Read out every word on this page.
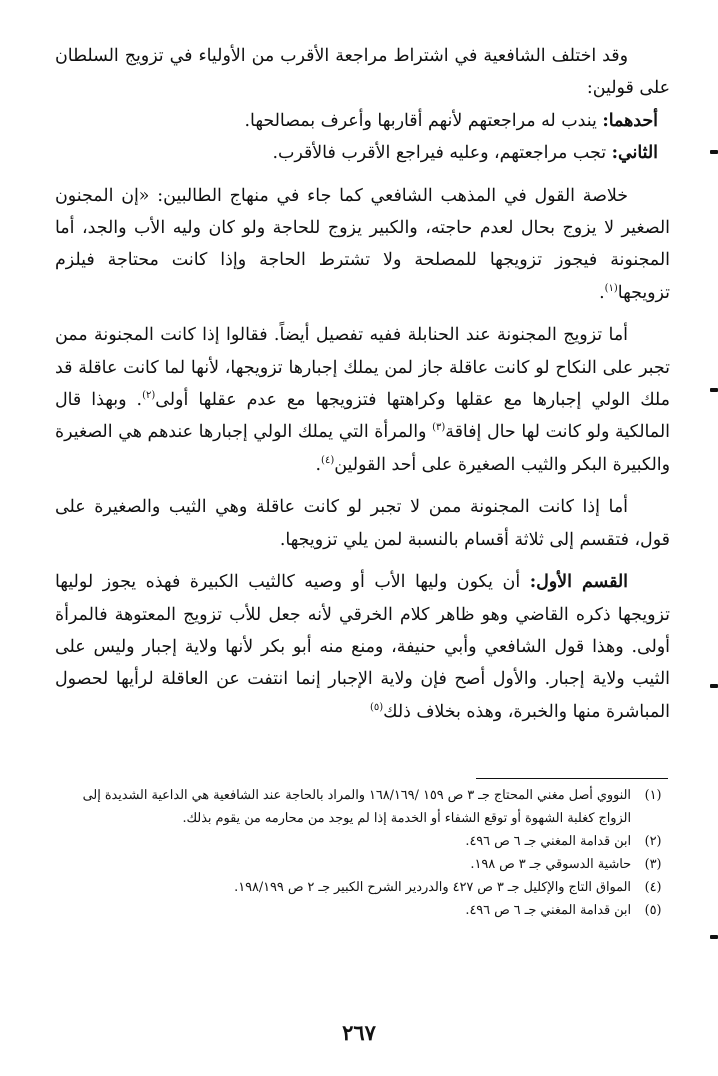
وقد اختلف الشافعية في اشتراط مراجعة الأقرب من الأولياء في تزويج السلطان على قولين:

أحدهما: يندب له مراجعتهم لأنهم أقاربها وأعرف بمصالحها.

الثاني: تجب مراجعتهم، وعليه فيراجع الأقرب فالأقرب.

خلاصة القول في المذهب الشافعي كما جاء في منهاج الطالبين: «إن المجنون الصغير لا يزوج بحال لعدم حاجته، والكبير يزوج للحاجة ولو كان وليه الأب والجد، أما المجنونة فيجوز تزويجها للمصلحة ولا تشترط الحاجة وإذا كانت محتاجة فيلزم تزويجها$^{(١)}$.

أما تزويج المجنونة عند الحنابلة ففيه تفصيل أيضاً. فقالوا إذا كانت المجنونة ممن تجبر على النكاح لو كانت عاقلة جاز لمن يملك إجبارها تزويجها، لأنها لما كانت عاقلة قد ملك الولي إجبارها مع عقلها وكراهتها فتزويجها مع عدم عقلها أولى$^{(٢)}$. وبهذا قال المالكية ولو كانت لها حال إفاقة$^{(٣)}$ والمرأة التي يملك الولي إجبارها عندهم هي الصغيرة والكبيرة البكر والثيب الصغيرة على أحد القولين$^{(٤)}$.

أما إذا كانت المجنونة ممن لا تجبر لو كانت عاقلة وهي الثيب والصغيرة على قول، فتقسم إلى ثلاثة أقسام بالنسبة لمن يلي تزويجها.

القسم الأول: أن يكون وليها الأب أو وصيه كالثيب الكبيرة فهذه يجوز لوليها تزويجها ذكره القاضي وهو ظاهر كلام الخرقي لأنه جعل للأب تزويج المعتوهة فالمرأة أولى. وهذا قول الشافعي وأبي حنيفة، ومنع منه أبو بكر لأنها ولاية إجبار وليس على الثيب ولاية إجبار. والأول أصح فإن ولاية الإجبار إنما انتفت عن العاقلة لرأيها لحصول المباشرة منها والخبرة، وهذه بخلاف ذلك$^{(٥)}$

(١)
النووي أصل مغني المحتاج جـ ٣ ص ١٥٩ /١٦٨/١٦٩ والمراد بالحاجة عند الشافعية هي الداعية الشديدة إلى الزواج كغلبة الشهوة أو توقع الشفاء أو الخدمة إذا لم يوجد من محارمه من يقوم بذلك.
(٢)
ابن قدامة المغني جـ ٦ ص ٤٩٦.
(٣)
حاشية الدسوقي جـ ٣ ص ١٩٨.
(٤)
المواق التاج والإكليل جـ ٣ ص ٤٢٧ والدردير الشرح الكبير جـ ٢ ص ١٩٨/١٩٩.
(٥)
ابن قدامة المغني جـ ٦ ص ٤٩٦.
٢٦٧
